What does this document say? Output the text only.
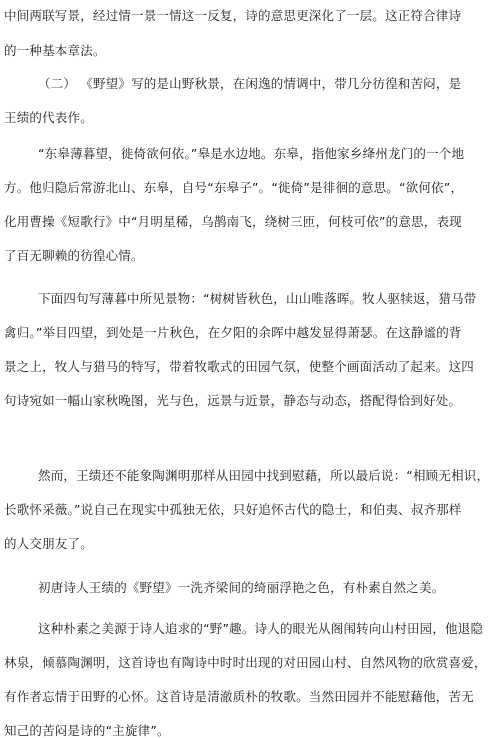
中间两联写景，经过情一景一情这一反复，诗的意思更深化了一层。这正符合律诗
的一种基本章法。
（二） 《野望》写的是山野秋景，在闲逸的情调中，带几分彷徨和苦闷，是
王绩的代表作。
“东皋薄暮望，徙倚欲何依。”皋是水边地。东皋，指他家乡绛州龙门的一个地
方。他归隐后常游北山、东皋，自号“东皋子”。“徙倚”是徘徊的意思。“欲何依”，
化用曹操《短歌行》中“月明星稀，乌鹊南飞，绕树三匝，何枝可依”的意思，表现
了百无聊赖的彷徨心情。
下面四句写薄暮中所见景物：“树树皆秋色，山山唯落晖。牧人驱犊返，猎马带
禽归。”举目四望，到处是一片秋色，在夕阳的余晖中越发显得萧瑟。在这静谧的背
景之上，牧人与猎马的特写，带着牧歌式的田园气氛，使整个画面活动了起来。这四
句诗宛如一幅山家秋晚图，光与色，远景与近景，静态与动态，搭配得恰到好处。
然而，王绩还不能象陶渊明那样从田园中找到慰藉，所以最后说：“相顾无相识，
长歌怀采薇。”说自己在现实中孤独无依，只好追怀古代的隐士，和伯夷、叔齐那样
的人交朋友了。
初唐诗人王绩的《野望》一洗齐梁间的绮丽浮艳之色，有朴素自然之美。
这种朴素之美源于诗人追求的“野”趣。诗人的眼光从阁闱转向山村田园，他退隐
林泉，倾慕陶渊明，这首诗也有陶诗中时时出现的对田园山村、自然风物的欣赏喜爱，
有作者忘情于田野的心怀。这首诗是清澈质朴的牧歌。当然田园并不能慰藉他，苦无
知己的苦闷是诗的“主旋律”。
